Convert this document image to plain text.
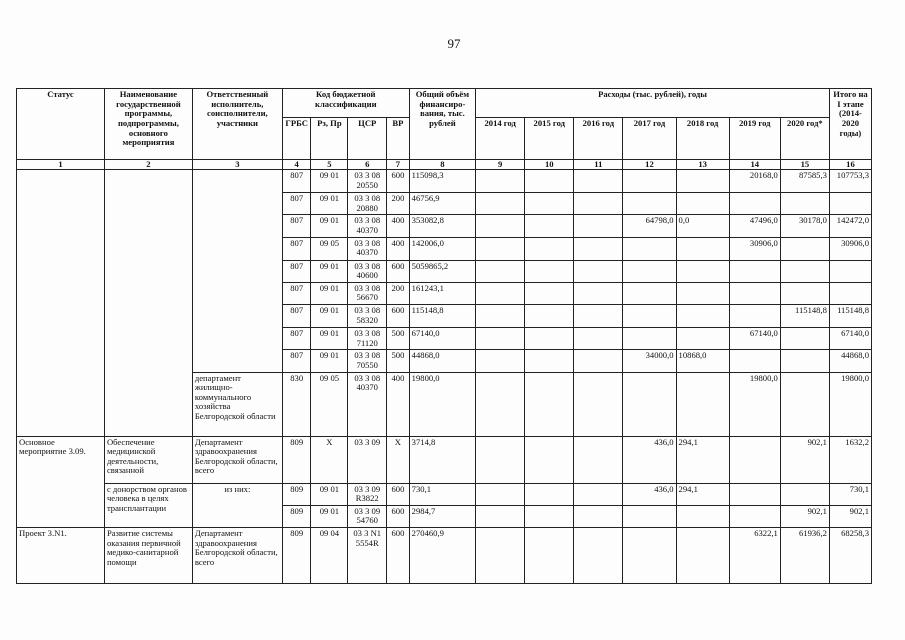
97
Статус	Наименование государственной программы, подпрограммы, основного мероприятия	Ответственный исполнитель, соисполнители, участники	Код бюджетной классификации				Общий объём финансиро-вания, тыс. рублей	Расходы (тыс. рублей), годы							Итого на I этапе (2014-2020 годы)
			ГРБС	Рз, Пр	ЦСР	ВР		2014 год	2015 год	2016 год	2017 год	2018 год	2019 год	2020 год*	
1	2	3	4	5	6	7	8	9	10	11	12	13	14	15	16
			807	09 01	03 3 08 20550	600	115098,3						20168,0	87585,3	107753,3
			807	09 01	03 3 08 20880	200	46756,9								
			807	09 01	03 3 08 40370	400	353082,8				64798,0	0,0	47496,0	30178,0	142472,0
			807	09 05	03 3 08 40370	400	142006,0						30906,0		30906,0
			807	09 01	03 3 08 40600	600	5059865,2								
			807	09 01	03 3 08 56670	200	161243,1								
			807	09 01	03 3 08 58320	600	115148,8							115148,8	115148,8
			807	09 01	03 3 08 71120	500	67140,0						67140,0		67140,0
			807	09 01	03 3 08 70550	500	44868,0				34000,0	10868,0			44868,0
		департамент жилищно-коммунального хозяйства Белгородской области	830	09 05	03 3 08 40370	400	19800,0						19800,0		19800,0
Основное мероприятие 3.09.	Обеспечение медицинской деятельности, связанной	Департамент здравоохранения Белгородской области, всего	809	Х	03 3 09	Х	3714,8				436,0	294,1		902,1	1632,2
	с донорством органов человека в целях трансплантации	из них:	809	09 01	03 3 09 R3822	600	730,1				436,0	294,1			730,1
			809	09 01	03 3 09 54760	600	2984,7							902,1	902,1
Проект 3.N1.	Развитие системы оказания первичной медико-санитарной помощи	Департамент здравоохранения Белгородской области, всего	809	09 04	03 3 N1 5554R	600	270460,9						6322,1	61936,2	68258,3
